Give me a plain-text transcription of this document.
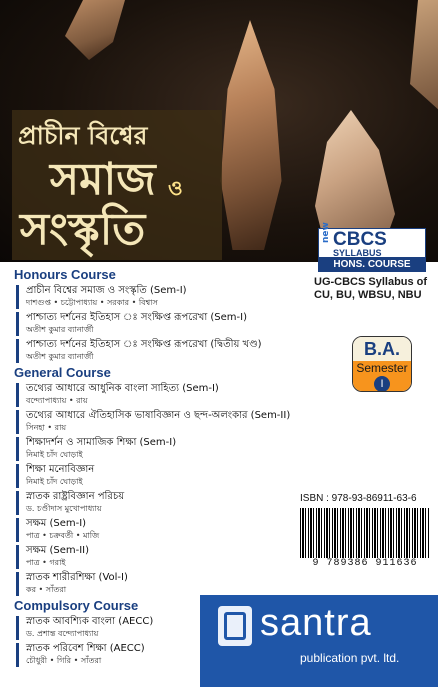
প্রাচীন বিশ্বের
সমাজ ও
সংস্কৃতি	new CBCS
SYLLABUS
HONS. COURSE
UG-CBCS Syllabus of CU, BU, WBSU, NBU
B.A.
Semester
I
Honours Course
প্রাচীন বিশ্বের সমাজ ও সংস্কৃতি (Sem-I)
দাশগুপ্ত • চট্টোপাধ্যায় • সরকার • বিশ্বাস
পাশ্চাত্য দর্শনের ইতিহাস ঃ সংক্ষিপ্ত রূপরেখা (Sem-I)
অতীশ কুমার ব্যানার্জী
পাশ্চাত্য দর্শনের ইতিহাস ঃ সংক্ষিপ্ত রূপরেখা (দ্বিতীয় খণ্ড)
অতীশ কুমার ব্যানার্জী
General Course
তথ্যের আধারে আধুনিক বাংলা সাহিত্য (Sem-I)
বন্দ্যোপাধ্যায় • রায়
তথ্যের আধারে ঐতিহাসিক ভাষাবিজ্ঞান ও ছন্দ-অলংকার (Sem-II)
সিনহা • রায়
শিক্ষাদর্শন ও সামাজিক শিক্ষা (Sem-I)
নিমাই চাঁদ ঘোড়াই
শিক্ষা মনোবিজ্ঞান
নিমাই চাঁদ ঘোড়াই
স্নাতক রাষ্ট্রবিজ্ঞান পরিচয়
ড. চণ্ডীদাস মুখোপাধ্যায়
সক্ষম (Sem-I)
পাত্র • চক্রবর্তী • মাজি
সক্ষম (Sem-II)
পাত্র • গরাই
স্নাতক শারীরশিক্ষা (Vol-I)
কর • সাঁতরা
Compulsory Course
স্নাতক আবশ্যিক বাংলা (AECC)
ড. প্রশান্ত বন্দ্যোপাধ্যায়
স্নাতক পরিবেশ শিক্ষা (AECC)
চৌধুরী • গিরি • সাঁতরা
ISBN : 978-93-86911-63-6
9 789386 911636
santra
publication pvt. ltd.
